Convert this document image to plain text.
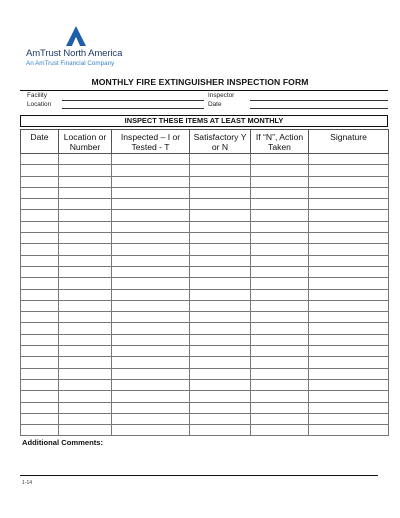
AmTrust North America
An AmTrust Financial Company
MONTHLY FIRE EXTINGUISHER INSPECTION FORM
Facility
Location
Inspector
Date
INSPECT THESE ITEMS AT LEAST MONTHLY
Date	Location or Number	Inspected – I or Tested - T	Satisfactory Y or N	If “N”, Action Taken	Signature

Additional Comments:
1-14
